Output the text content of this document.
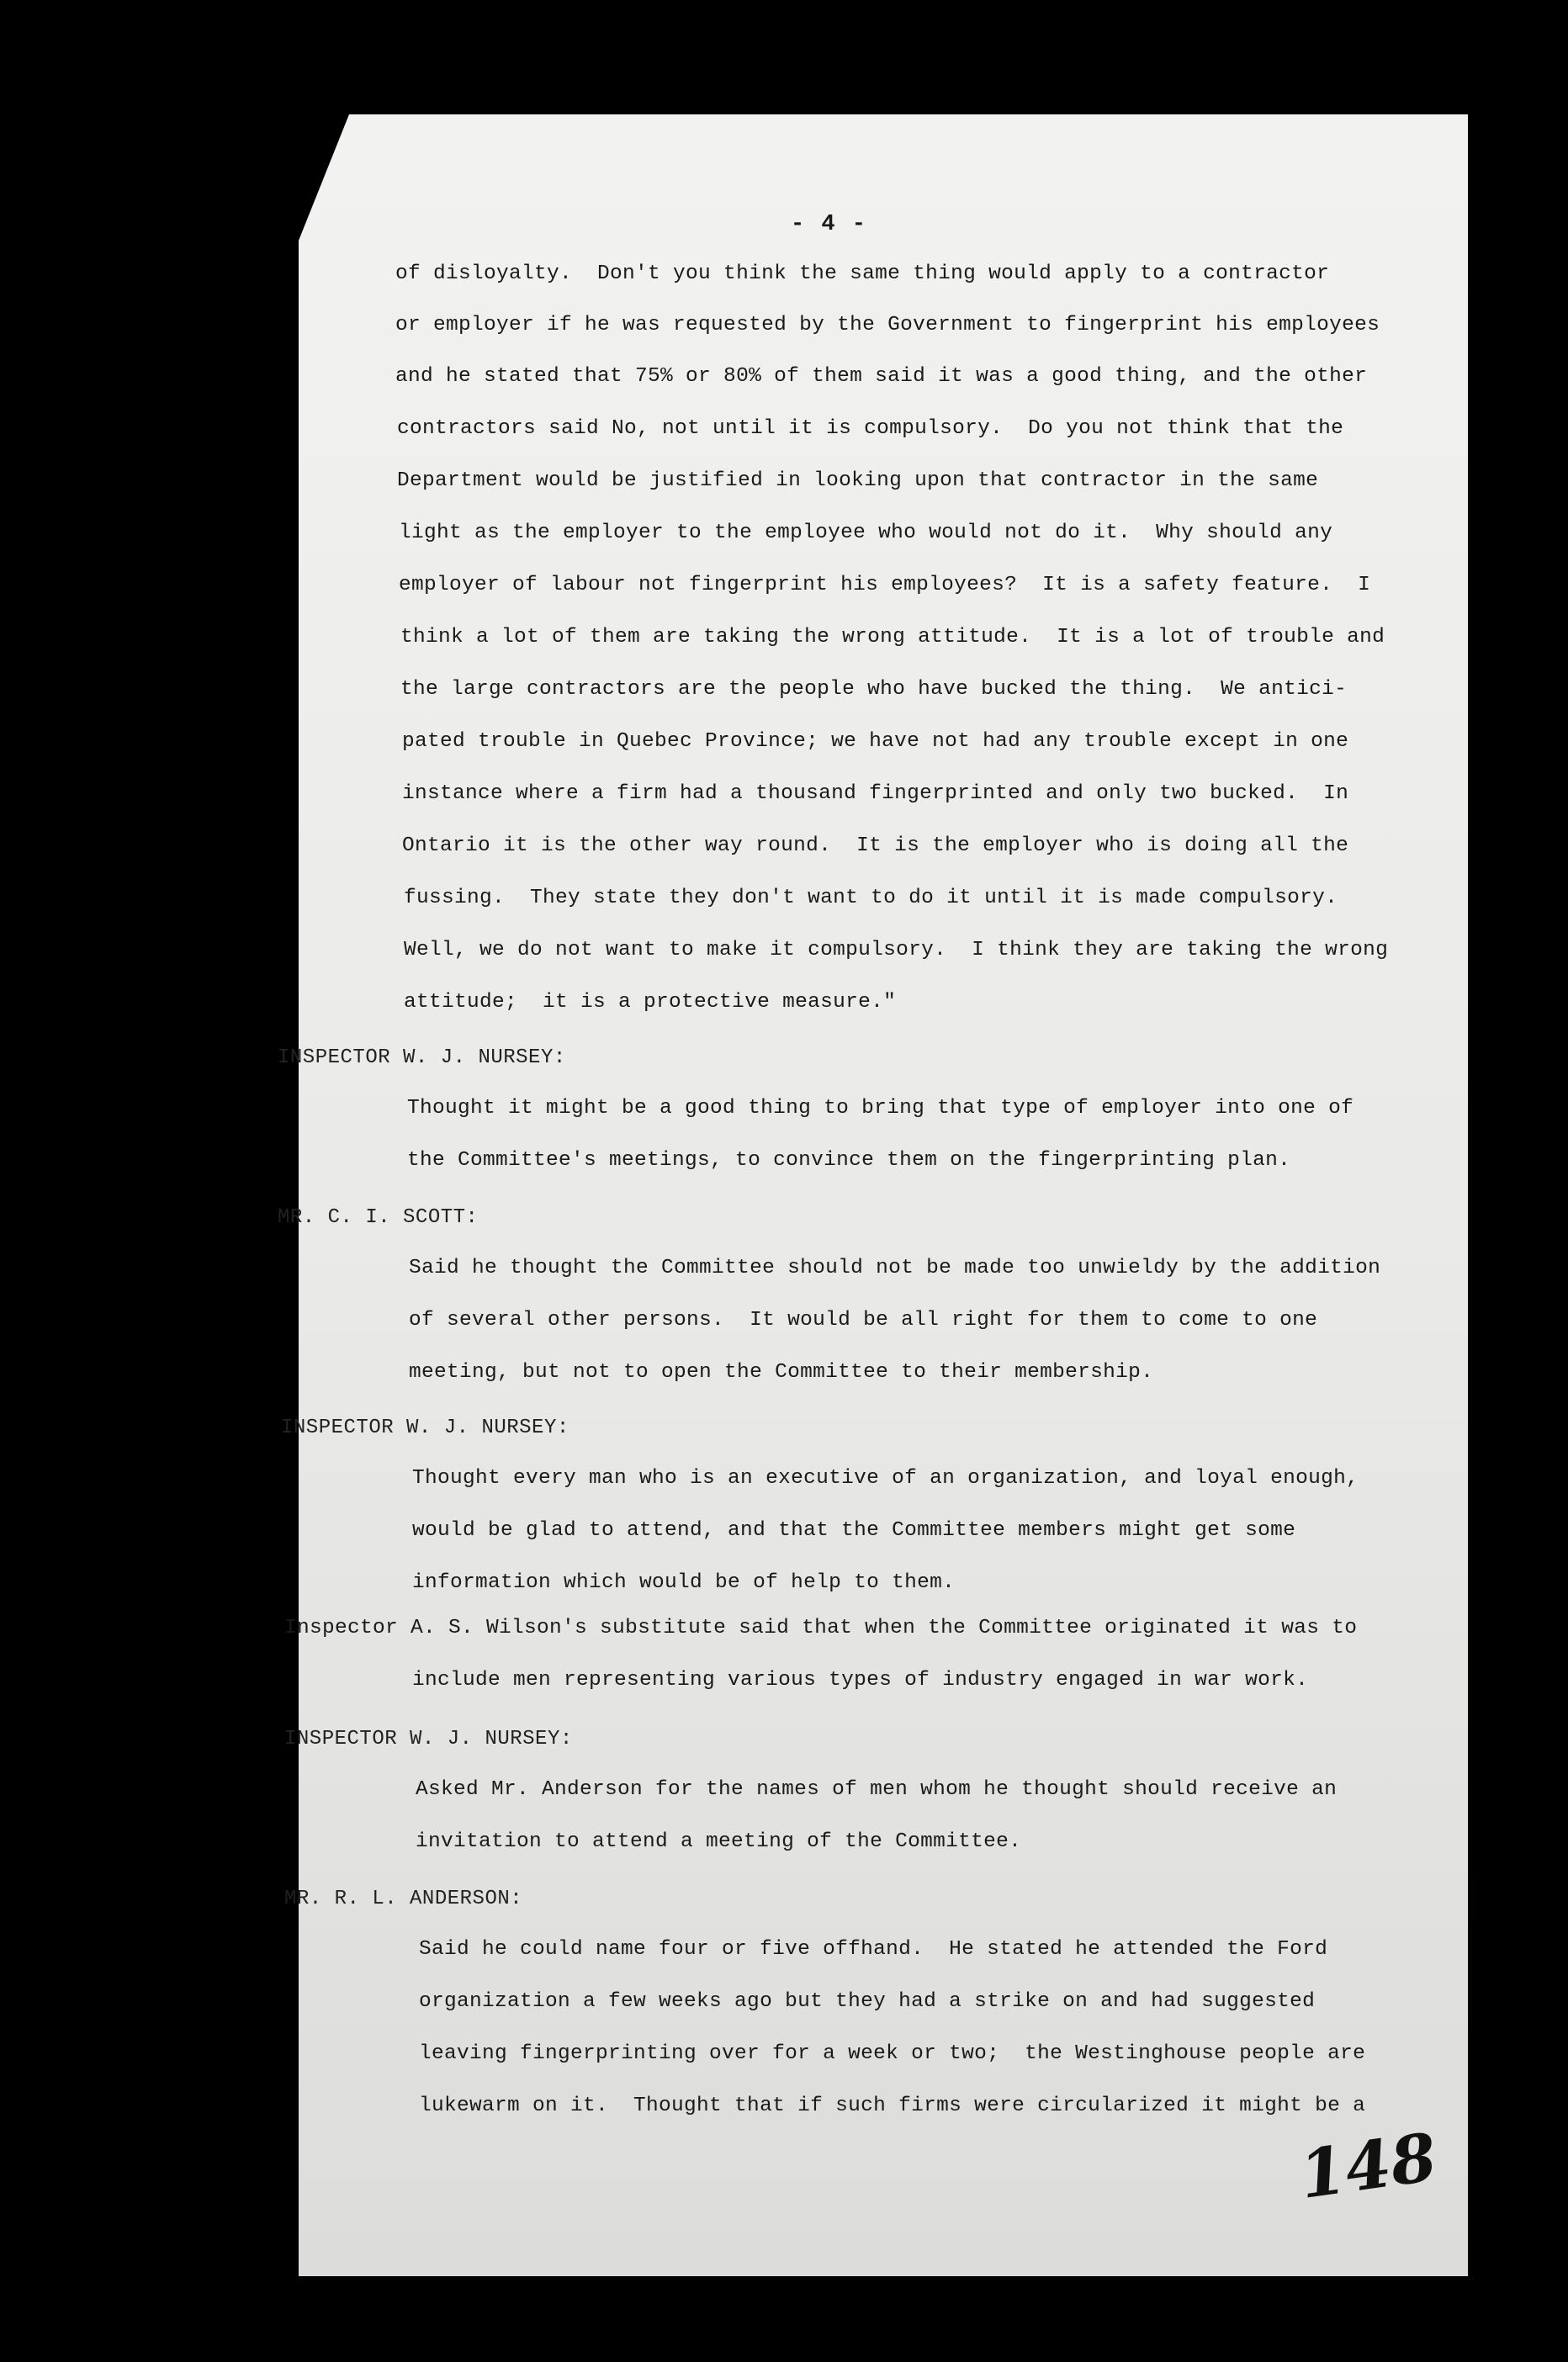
- 4 -
of disloyalty.  Don't you think the same thing would apply to a contractor
or employer if he was requested by the Government to fingerprint his employees
and he stated that 75% or 80% of them said it was a good thing, and the other
contractors said No, not until it is compulsory.  Do you not think that the
Department would be justified in looking upon that contractor in the same
light as the employer to the employee who would not do it.  Why should any
employer of labour not fingerprint his employees?  It is a safety feature.  I
think a lot of them are taking the wrong attitude.  It is a lot of trouble and
the large contractors are the people who have bucked the thing.  We antici-
pated trouble in Quebec Province; we have not had any trouble except in one
instance where a firm had a thousand fingerprinted and only two bucked.  In
Ontario it is the other way round.  It is the employer who is doing all the
fussing.  They state they don't want to do it until it is made compulsory.
Well, we do not want to make it compulsory.  I think they are taking the wrong
attitude;  it is a protective measure."
INSPECTOR W. J. NURSEY:
Thought it might be a good thing to bring that type of employer into one of
the Committee's meetings, to convince them on the fingerprinting plan.
MR. C. I. SCOTT:
Said he thought the Committee should not be made too unwieldy by the addition
of several other persons.  It would be all right for them to come to one
meeting, but not to open the Committee to their membership.
INSPECTOR W. J. NURSEY:
Thought every man who is an executive of an organization, and loyal enough,
would be glad to attend, and that the Committee members might get some
information which would be of help to them.
Inspector A. S. Wilson's substitute said that when the Committee originated it was to
include men representing various types of industry engaged in war work.
INSPECTOR W. J. NURSEY:
Asked Mr. Anderson for the names of men whom he thought should receive an
invitation to attend a meeting of the Committee.
MR. R. L. ANDERSON:
Said he could name four or five offhand.  He stated he attended the Ford
organization a few weeks ago but they had a strike on and had suggested
leaving fingerprinting over for a week or two;  the Westinghouse people are
lukewarm on it.  Thought that if such firms were circularized it might be a
148
